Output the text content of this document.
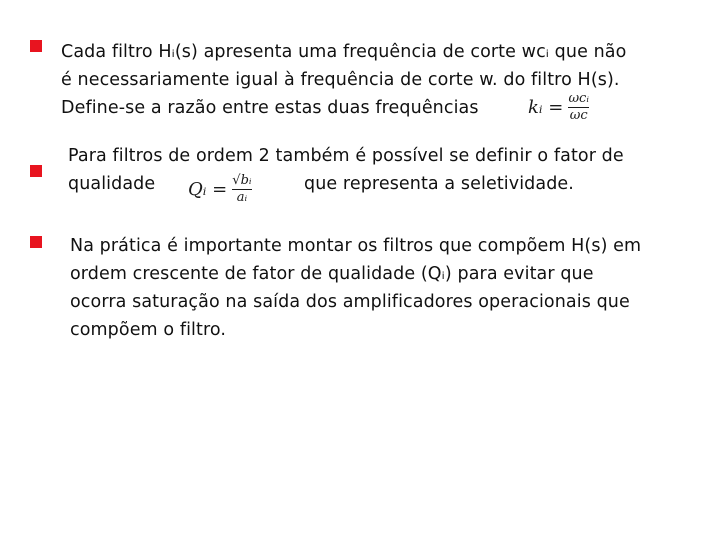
Cada filtro Hᵢ(s) apresenta uma frequência de corte wcᵢ que não
é necessariamente igual à frequência de corte w. do filtro H(s).
Define-se a razão entre estas duas frequências	kᵢ = $\frac{\text{ωcᵢ}}{\omega c}$
Para filtros de ordem 2 também é possível se definir o fator de
qualidade	que representa a seletividade.
Qᵢ = $\frac{\text{√bᵢ}}{\text{aᵢ}}$
Na prática é importante montar os filtros que compõem H(s) em
ordem crescente de fator de qualidade (Qᵢ) para evitar que
ocorra saturação na saída dos amplificadores operacionais que
compõem o filtro.
